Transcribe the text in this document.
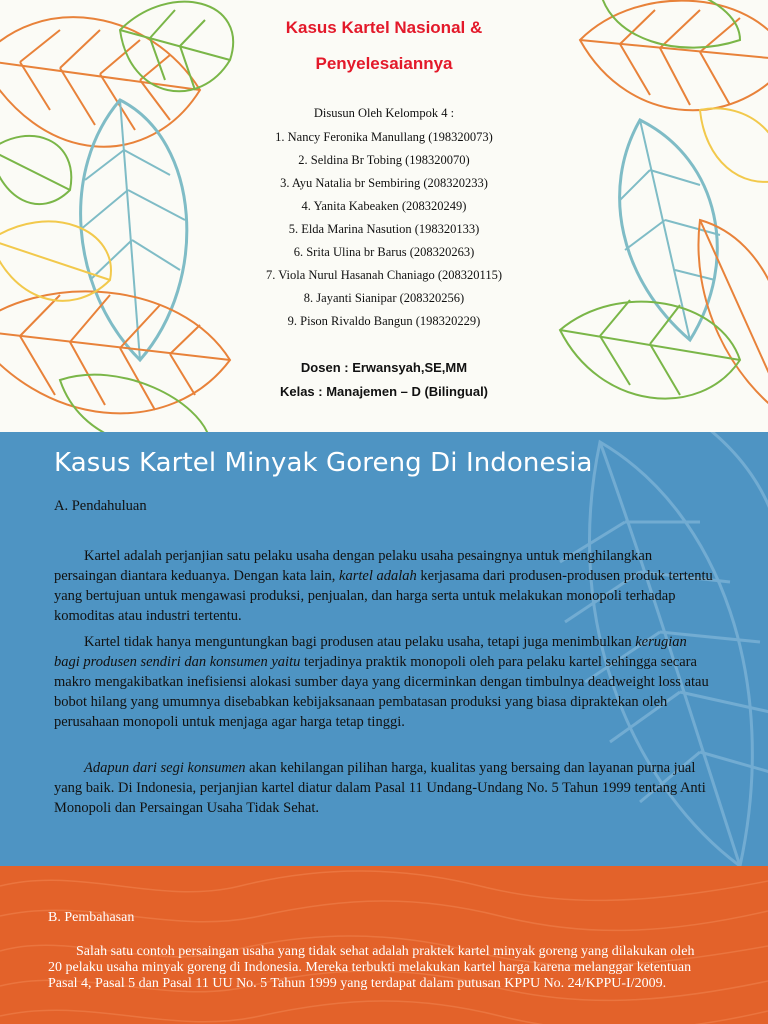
Kasus Kartel Nasional &
Penyelesaiannya
Disusun Oleh Kelompok 4 :
1. Nancy Feronika Manullang (198320073)
2. Seldina Br Tobing (198320070)
3. Ayu Natalia br Sembiring (208320233)
4. Yanita Kabeaken (208320249)
5. Elda Marina Nasution (198320133)
6. Srita Ulina br Barus (208320263)
7. Viola Nurul Hasanah Chaniago (208320115)
8. Jayanti Sianipar (208320256)
9. Pison Rivaldo Bangun (198320229)
Dosen : Erwansyah,SE,MM
Kelas : Manajemen – D (Bilingual)
Kasus Kartel Minyak Goreng Di Indonesia
A. Pendahuluan

Kartel adalah perjanjian satu pelaku usaha dengan pelaku usaha pesaingnya untuk menghilangkan persaingan diantara keduanya. Dengan kata lain, kartel adalah kerjasama dari produsen-produsen produk tertentu yang bertujuan untuk mengawasi produksi, penjualan, dan harga serta untuk melakukan monopoli terhadap komoditas atau industri tertentu.

Kartel tidak hanya menguntungkan bagi produsen atau pelaku usaha, tetapi juga menimbulkan kerugian bagi produsen sendiri dan konsumen yaitu terjadinya praktik monopoli oleh para pelaku kartel sehingga secara makro mengakibatkan inefisiensi alokasi sumber daya yang dicerminkan dengan timbulnya deadweight loss atau bobot hilang yang umumnya disebabkan kebijaksanaan pembatasan produksi yang biasa dipraktekan oleh perusahaan monopoli untuk menjaga agar harga tetap tinggi.

Adapun dari segi konsumen akan kehilangan pilihan harga, kualitas yang bersaing dan layanan purna jual yang baik. Di Indonesia, perjanjian kartel diatur dalam Pasal 11 Undang-Undang No. 5 Tahun 1999 tentang Anti Monopoli dan Persaingan Usaha Tidak Sehat.

B. Pembahasan

Salah satu contoh persaingan usaha yang tidak sehat adalah praktek kartel minyak goreng yang dilakukan oleh 20 pelaku usaha minyak goreng di Indonesia. Mereka terbukti melakukan kartel harga karena melanggar ketentuan Pasal 4, Pasal 5 dan Pasal 11 UU No. 5 Tahun 1999 yang terdapat dalam putusan KPPU No. 24/KPPU-I/2009.
